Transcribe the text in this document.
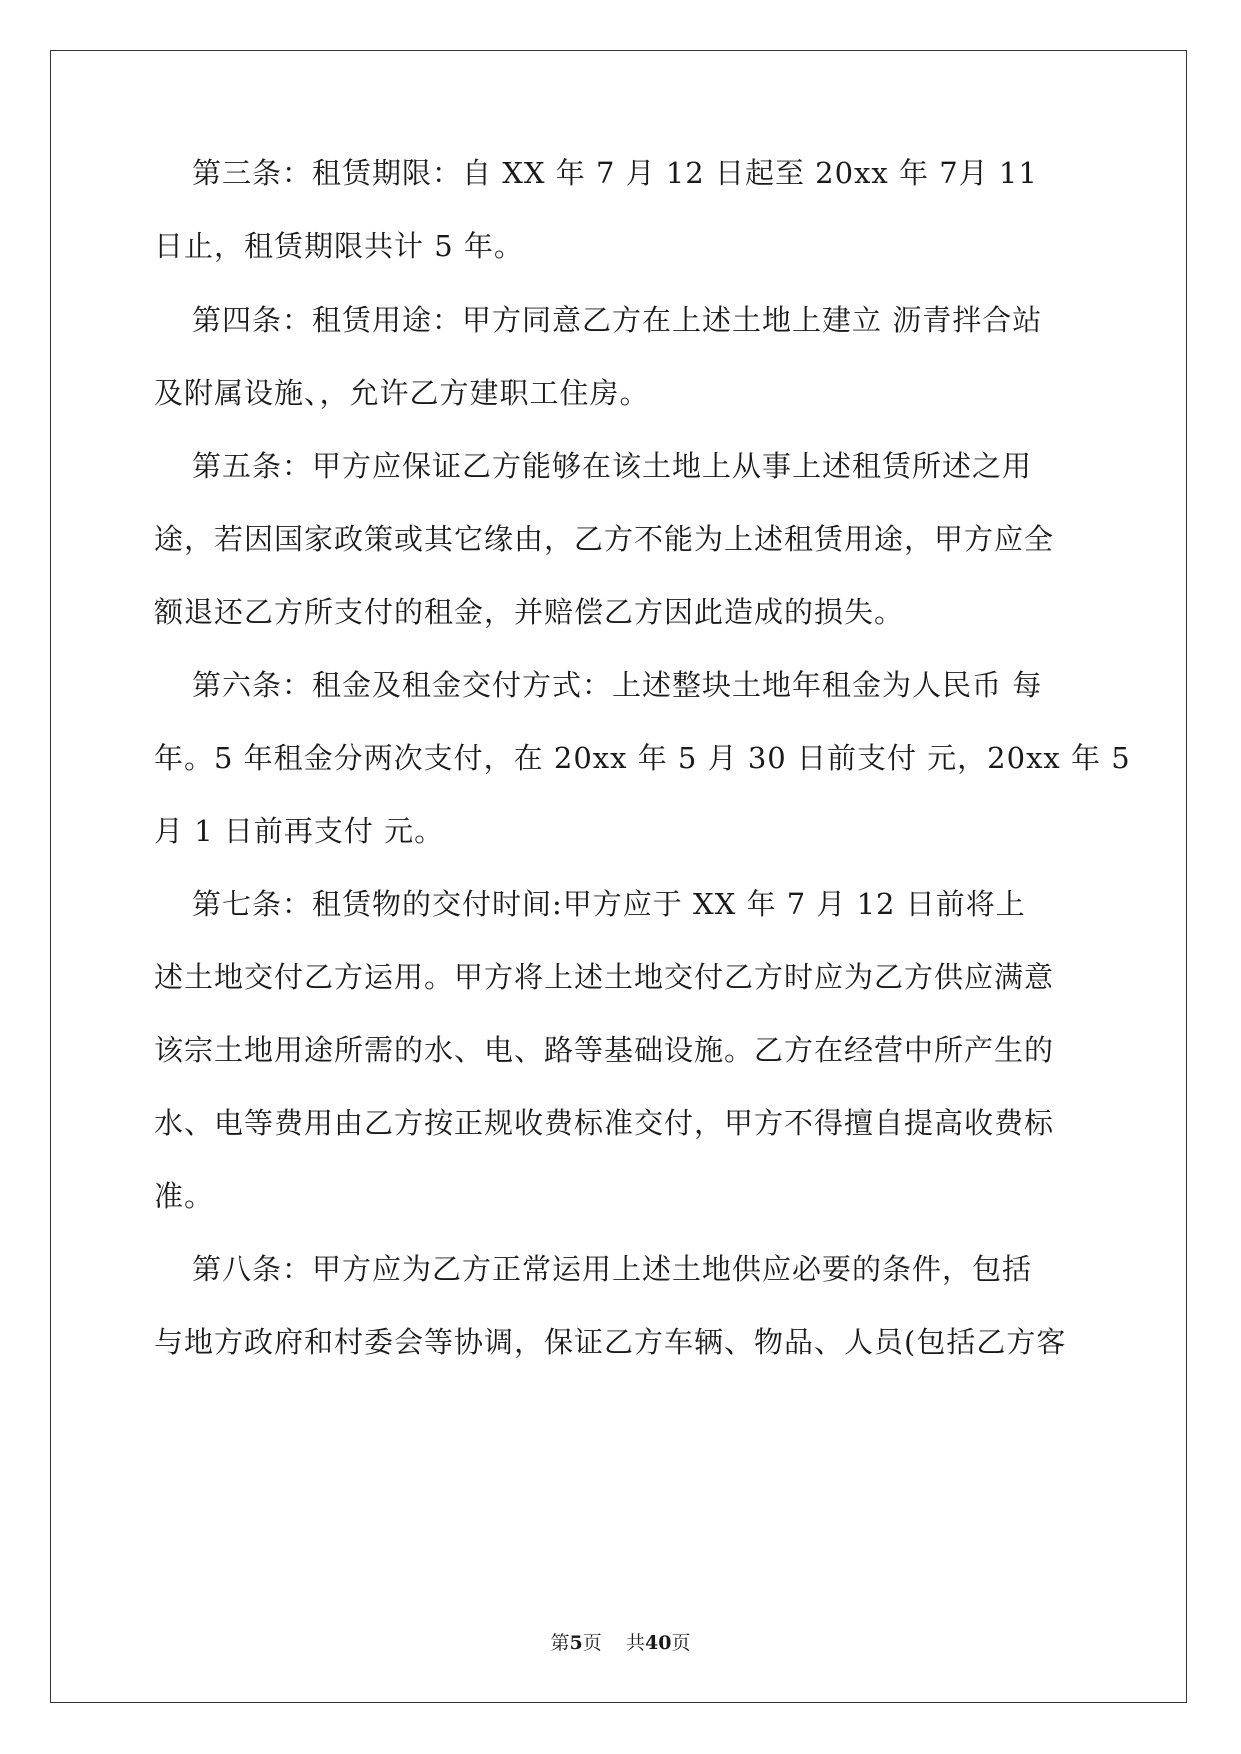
第三条：租赁期限：自 XX 年 7 月 12 日起至 20xx 年 7月 11
日止，租赁期限共计 5 年。
第四条：租赁用途：甲方同意乙方在上述土地上建立 沥青拌合站
及附属设施、，允许乙方建职工住房。
第五条：甲方应保证乙方能够在该土地上从事上述租赁所述之用
途，若因国家政策或其它缘由，乙方不能为上述租赁用途，甲方应全
额退还乙方所支付的租金，并赔偿乙方因此造成的损失。
第六条：租金及租金交付方式：上述整块土地年租金为人民币 每
年。5 年租金分两次支付，在 20xx 年 5 月 30 日前支付 元，20xx 年 5
月 1 日前再支付 元。
第七条：租赁物的交付时间:甲方应于 XX 年 7 月 12 日前将上
述土地交付乙方运用。甲方将上述土地交付乙方时应为乙方供应满意
该宗土地用途所需的水、电、路等基础设施。乙方在经营中所产生的
水、电等费用由乙方按正规收费标准交付，甲方不得擅自提高收费标
准。
第八条：甲方应为乙方正常运用上述土地供应必要的条件，包括
与地方政府和村委会等协调，保证乙方车辆、物品、人员(包括乙方客
第5页 共40页
